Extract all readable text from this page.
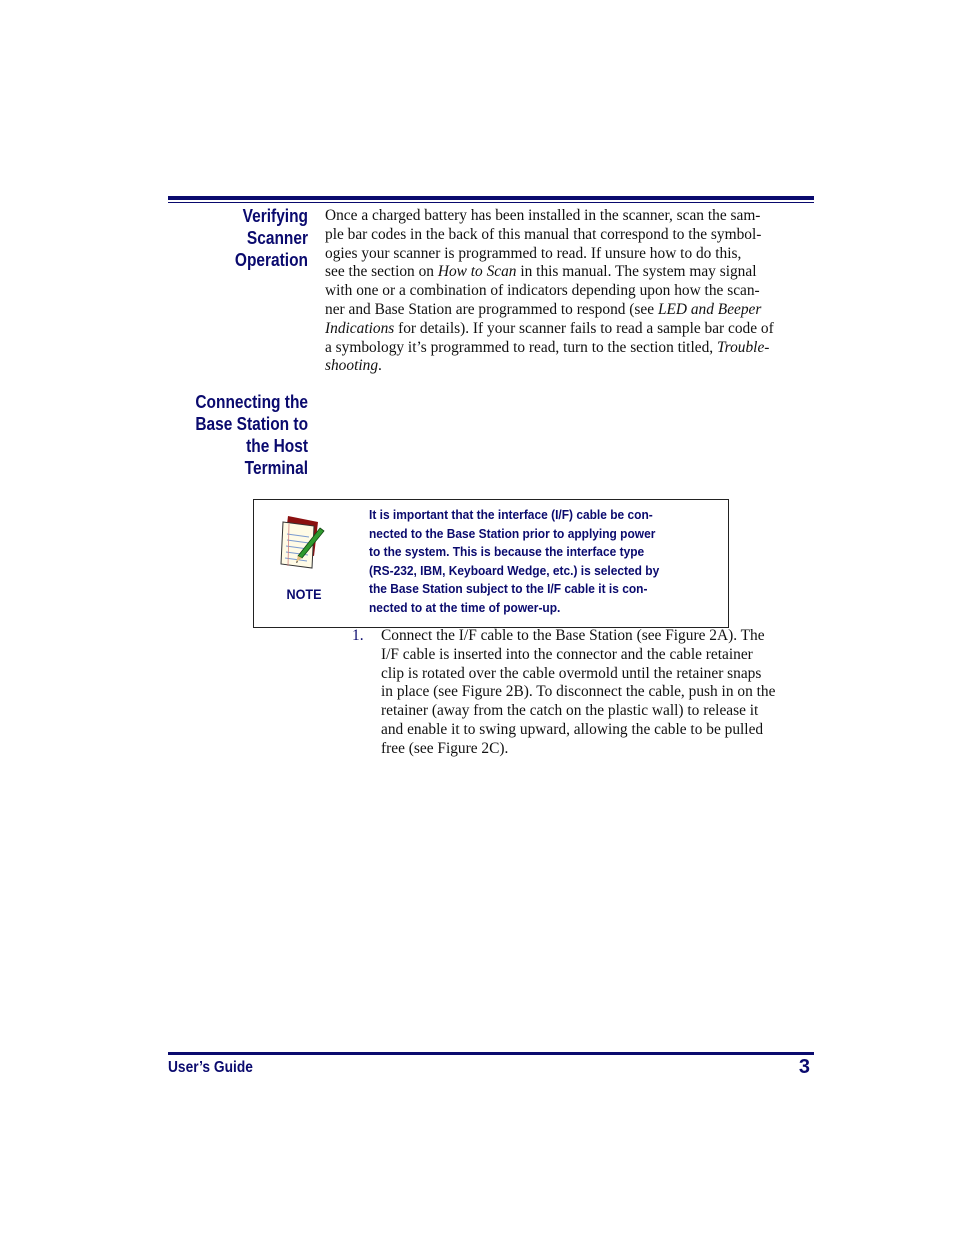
Verifying
Scanner
Operation
Once a charged battery has been installed in the scanner, scan the sam-
ple bar codes in the back of this manual that correspond to the symbol-
ogies your scanner is programmed to read. If unsure how to do this,
see the section on How to Scan in this manual. The system may signal
with one or a combination of indicators depending upon how the scan-
ner and Base Station are programmed to respond (see LED and Beeper
Indications for details). If your scanner fails to read a sample bar code of
a symbology it’s programmed to read, turn to the section titled, Trouble-
shooting.
Connecting the
Base Station to
the Host
Terminal
NOTE
It is important that the interface (I/F) cable be con-
nected to the Base Station prior to applying power
to the system. This is because the interface type
(RS-232, IBM, Keyboard Wedge, etc.) is selected by
the Base Station subject to the I/F cable it is con-
nected to at the time of power-up.
1. Connect the I/F cable to the Base Station (see Figure 2A). The
I/F cable is inserted into the connector and the cable retainer
clip is rotated over the cable overmold until the retainer snaps
in place (see Figure 2B). To disconnect the cable, push in on the
retainer (away from the catch on the plastic wall) to release it
and enable it to swing upward, allowing the cable to be pulled
free (see Figure 2C).
User’s Guide	3
